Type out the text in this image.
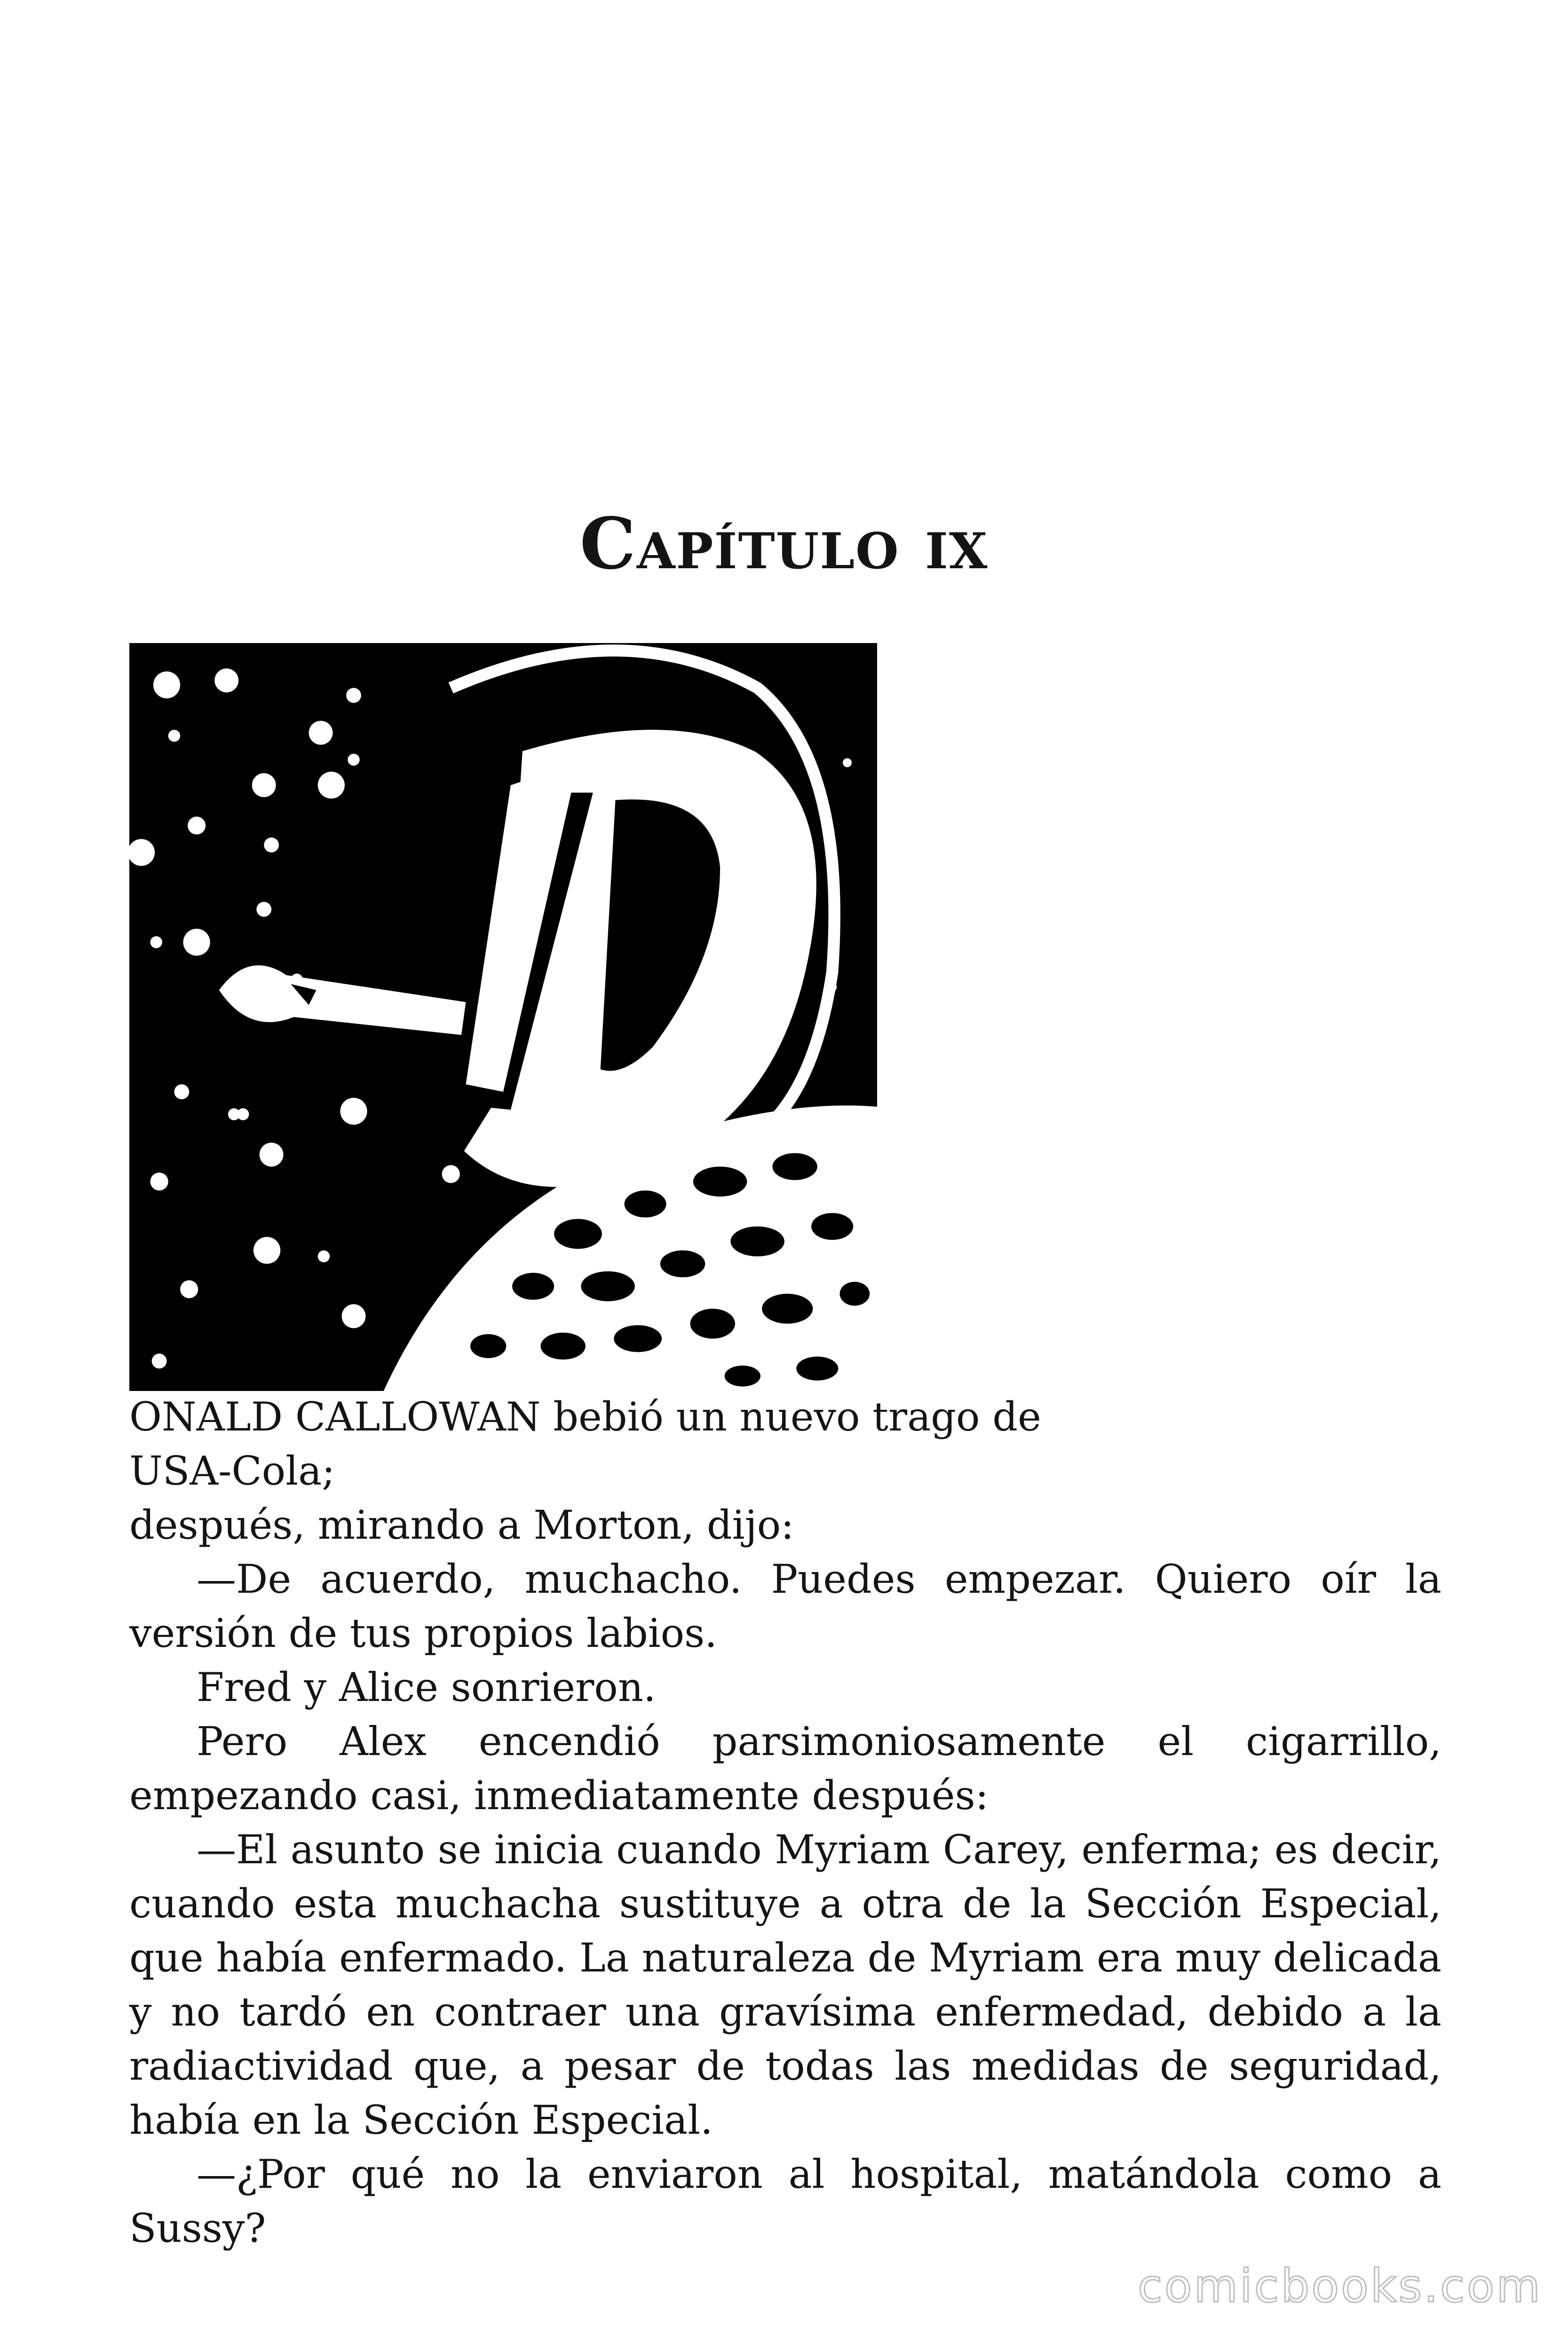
Capítulo ix

ONALD CALLOWAN bebió un nuevo trago de

USA-Cola;

después, mirando a Morton, dijo:

—De acuerdo, muchacho. Puedes empezar. Quiero oír la versión de tus propios labios.

Fred y Alice sonrieron.

Pero Alex encendió parsimoniosamente el cigarrillo, empezando casi, inmediatamente después:

—El asunto se inicia cuando Myriam Carey, enferma; es decir, cuando esta muchacha sustituye a otra de la Sección Especial, que había enfermado. La naturaleza de Myriam era muy delicada y no tardó en contraer una gravísima enfermedad, debido a la radiactividad que, a pesar de todas las medidas de seguridad, había en la Sección Especial.

—¿Por qué no la enviaron al hospital, matándola como a Sussy?

comicbooks.com
